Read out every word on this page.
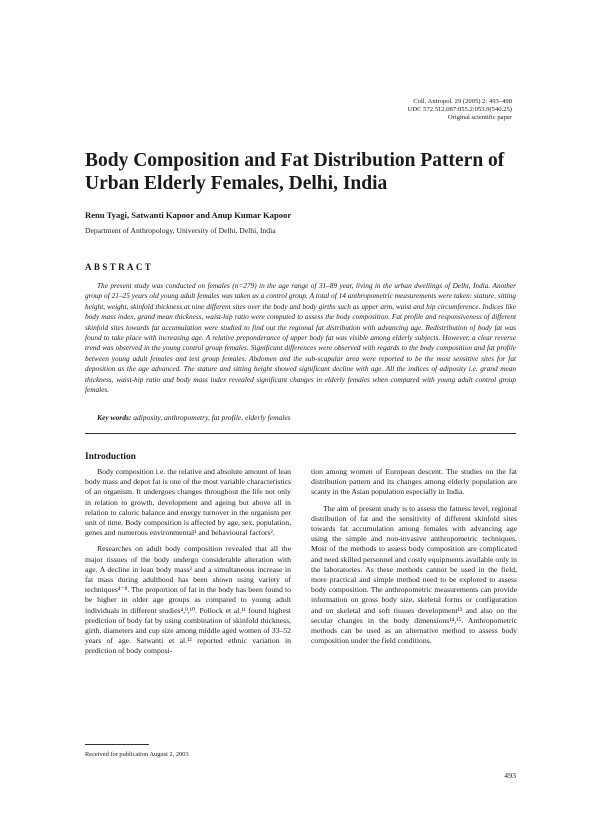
Coll. Antropol. 29 (2005) 2: 493–498
UDC 572.512.087:055.2:053.9(540.25)
Original scientific paper
Body Composition and Fat Distribution Pattern of Urban Elderly Females, Delhi, India

Renu Tyagi, Satwanti Kapoor and Anup Kumar Kapoor

Department of Anthropology, University of Delhi, Delhi, India

ABSTRACT

The present study was conducted on females (n=279) in the age range of 31–89 year, living in the urban dwellings of Delhi, India. Another group of 21–25 years old young adult females was taken as a control group. A total of 14 anthropometric measurements were taken: stature, sitting height, weight, skinfold thickness at nine different sites over the body and body girths such as upper arm, waist and hip circumference. Indices like body mass index, grand mean thickness, waist-hip ratio were computed to assess the body composition. Fat profile and responsiveness of different skinfold sites towards fat accumulation were studied to find out the regional fat distribution with advancing age. Redistribution of body fat was found to take place with increasing age. A relative preponderance of upper body fat was visible among elderly subjects. However, a clear reverse trend was observed in the young control group females. Significant differences were observed with regards to the body composition and fat profile between young adult females and test group females. Abdomen and the sub-scapular area were reported to be the most sensitive sites for fat deposition as the age advanced. The stature and sitting height showed significant decline with age. All the indices of adiposity i.e. grand mean thickness, waist-hip ratio and body mass index revealed significant changes in elderly females when compared with young adult control group females.

Key words: adiposity, anthropometry, fat profile, elderly females

Introduction

Body composition i.e. the relative and absolute amount of lean body mass and depot fat is one of the most variable characteristics of an organism. It undergoes changes throughout the life not only in relation to growth, development and ageing but above all in relation to caloric balance and energy turnover in the organism per unit of time. Body composition is affected by age, sex, population, genes and numerous environmental¹ and behavioural factors².

Researches on adult body composition revealed that all the major tissues of the body undergo considerable alteration with age. A decline in lean body mass³ and a simultaneous increase in fat mass during adulthood has been shown using variety of techniques⁴⁻⁸. The proportion of fat in the body has been found to be higher in older age groups as compared to young adult individuals in different studies⁴,⁹,¹⁰. Pollock et al.¹¹ found highest prediction of body fat by using combination of skinfold thickness, girth, diameters and cup size among middle aged women of 33–52 years of age. Satwanti et al.¹² reported ethnic variation in prediction of body composi-

tion among women of European descent. The studies on the fat distribution pattern and its changes among elderly population are scanty in the Asian population especially in India.

The aim of present study is to assess the fatness level, regional distribution of fat and the sensitivity of different skinfold sites towards fat accumulation among females with advancing age using the simple and non-invasive anthropometric techniques. Most of the methods to assess body composition are complicated and need skilled personnel and costly equipments available only in the laboratories. As these methods cannot be used in the field, more practical and simple method need to be explored to assess body composition. The anthropometric measurements can provide information on gross body size, skeletal forms or configuration and on skeletal and soft tissues development¹³ and also on the secular changes in the body dimensions¹⁴,¹⁵. Anthropometric methods can be used as an alternative method to assess body composition under the field conditions.

Received for publication August 2, 2003

493
